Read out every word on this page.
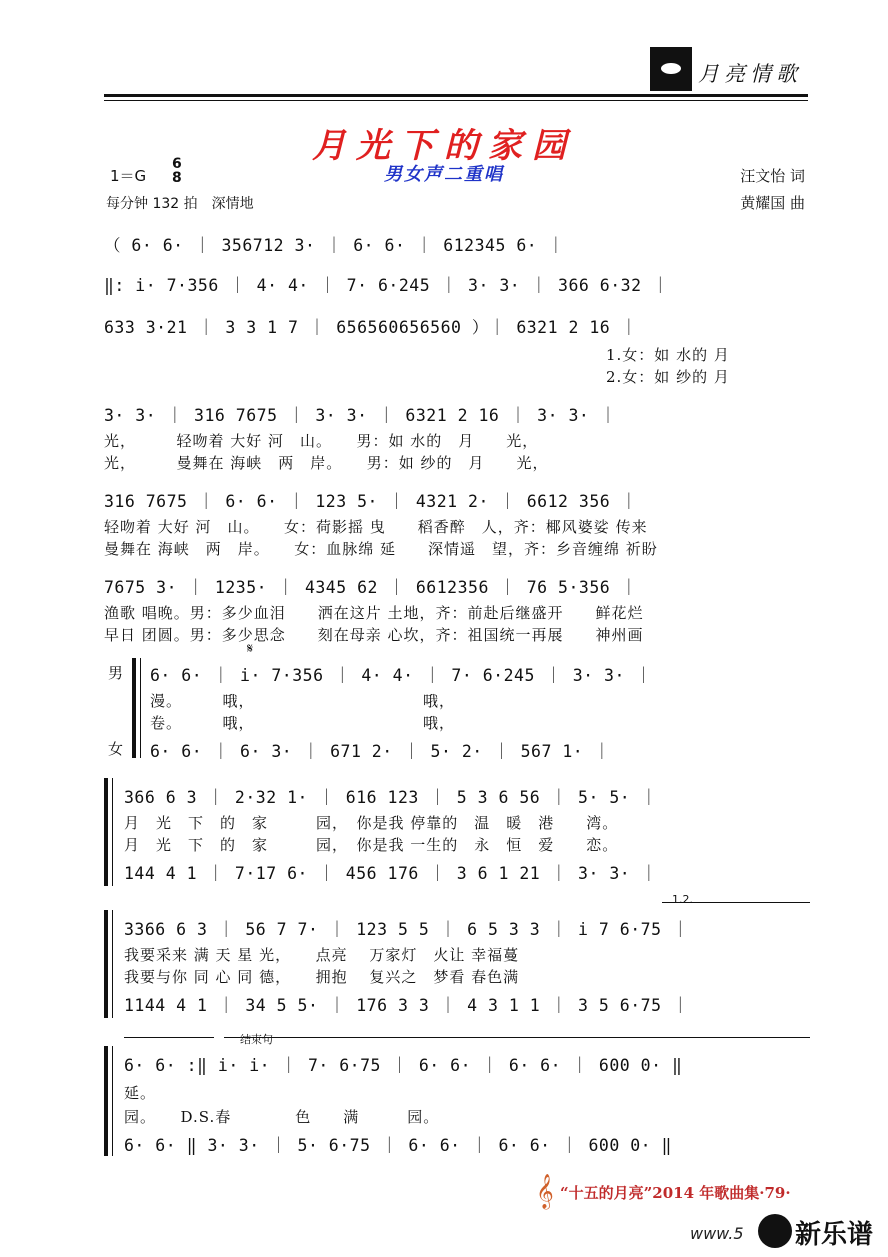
月亮情歌
月光下的家园
男女声二重唱
1＝G
6
8
每分钟 132 拍　深情地
汪文怡 词
黄耀国 曲
（ 6· 6· ｜ 356712 3· ｜ 6· 6· ｜ 612345 6· ｜
‖: i· 7·356 ｜ 4· 4· ｜ 7· 6·245 ｜ 3· 3· ｜ 366 6·32 ｜
633 3·21 ｜ 3 3 1 7 ｜ 656560656560 ）｜ 6321 2 16 ｜
1.女：如 水的 月
2.女：如 纱的 月
3· 3· ｜ 316 7675 ｜ 3· 3· ｜ 6321 2 16 ｜ 3· 3· ｜
光，　　　轻吻着 大好 河　山。　　男：如 水的　月　　光，
光，　　　曼舞在 海峡　两　岸。　　男：如 纱的　月　　光，
316 7675 ｜ 6· 6· ｜ 123 5· ｜ 4321 2· ｜ 6612 356 ｜
轻吻着 大好 河　山。　　女：荷影摇 曳　　稻香醉　人，齐：椰风婆娑 传来
曼舞在 海峡　两　岸。　　女：血脉绵 延　　深情遥　望，齐：乡音缠绵 祈盼
7675 3· ｜ 1235· ｜ 4345 62 ｜ 6612356 ｜ 76 5·356 ｜
渔歌 唱晚。男：多少血泪　　洒在这片 土地，齐：前赴后继盛开　　鲜花烂
早日 团圆。男：多少思念　　刻在母亲 心坎，齐：祖国统一再展　　神州画
𝄋
男
女
6· 6· ｜ i· 7·356 ｜ 4· 4· ｜ 7· 6·245 ｜ 3· 3· ｜
漫。　　　哦，　　　　　　　　　　　哦，
卷。　　　哦，　　　　　　　　　　　哦，
6· 6· ｜ 6· 3· ｜ 671 2· ｜ 5· 2· ｜ 567 1· ｜
366 6 3 ｜ 2·32 1· ｜ 616 123 ｜ 5 3 6 56 ｜ 5· 5· ｜
月　光　下　的　家　　　园，　你是我 停靠的　温　暖　港　　湾。
月　光　下　的　家　　　园，　你是我 一生的　永　恒　爱　　恋。
144 4 1 ｜ 7·17 6· ｜ 456 176 ｜ 3 6 1 21 ｜ 3· 3· ｜
1.2.
3366 6 3 ｜ 56 7 7· ｜ 123 5 5 ｜ 6 5 3 3 ｜ i 7 6·75 ｜
我要采来 满 天 星 光，　　点亮　 万家灯　火让 幸福蔓
我要与你 同 心 同 德，　　拥抱　 复兴之　梦看 春色满
1144 4 1 ｜ 34 5 5· ｜ 176 3 3 ｜ 4 3 1 1 ｜ 3 5 6·75 ｜
结束句
6· 6· :‖ i· i· ｜ 7· 6·75 ｜ 6· 6· ｜ 6· 6· ｜ 600 0· ‖
延。
园。　　D.S.春　　　　色　　满　　　园。
6· 6· ‖ 3· 3· ｜ 5· 6·75 ｜ 6· 6· ｜ 6· 6· ｜ 600 0· ‖
𝄞 “十五的月亮”2014 年歌曲集·79·
www.5 新乐谱
